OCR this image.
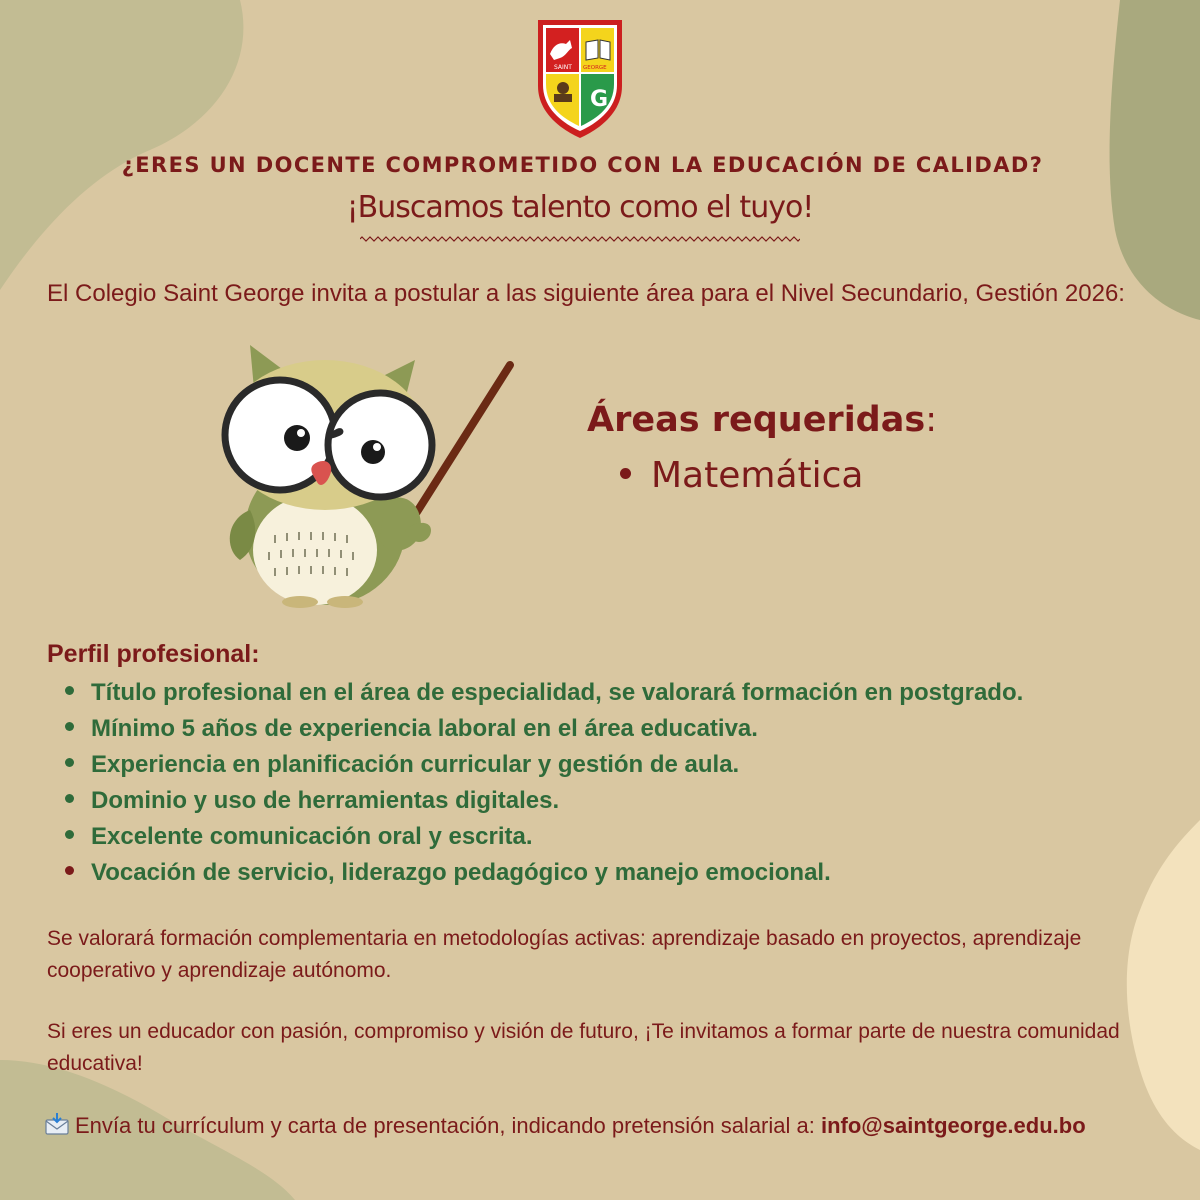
SAINT GEORGE
G
¿ERES UN DOCENTE COMPROMETIDO CON LA EDUCACIÓN DE CALIDAD?
¡Buscamos talento como el tuyo!
El Colegio Saint George invita a postular a las siguiente área para el Nivel Secundario, Gestión 2026:
Áreas requeridas:
Matemática
Perfil profesional:
Título profesional en el área de especialidad, se valorará formación en postgrado.
Mínimo 5 años de experiencia laboral en el área educativa.
Experiencia en planificación curricular y gestión de aula.
Dominio y uso de herramientas digitales.
Excelente comunicación oral y escrita.
Vocación de servicio, liderazgo pedagógico y manejo emocional.
Se valorará formación complementaria en metodologías activas: aprendizaje basado en proyectos, aprendizaje cooperativo y aprendizaje autónomo.
Si eres un educador con pasión, compromiso y visión de futuro, ¡Te invitamos a formar parte de nuestra comunidad educativa!
Envía tu currículum y carta de presentación, indicando pretensión salarial a: info@saintgeorge.edu.bo
